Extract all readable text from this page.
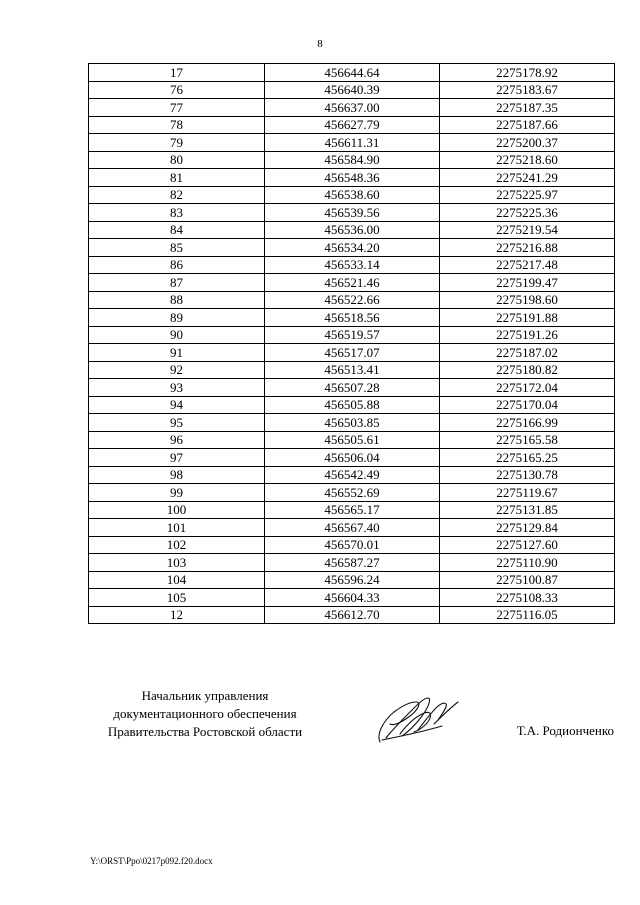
8
17	456644.64	2275178.92
76	456640.39	2275183.67
77	456637.00	2275187.35
78	456627.79	2275187.66
79	456611.31	2275200.37
80	456584.90	2275218.60
81	456548.36	2275241.29
82	456538.60	2275225.97
83	456539.56	2275225.36
84	456536.00	2275219.54
85	456534.20	2275216.88
86	456533.14	2275217.48
87	456521.46	2275199.47
88	456522.66	2275198.60
89	456518.56	2275191.88
90	456519.57	2275191.26
91	456517.07	2275187.02
92	456513.41	2275180.82
93	456507.28	2275172.04
94	456505.88	2275170.04
95	456503.85	2275166.99
96	456505.61	2275165.58
97	456506.04	2275165.25
98	456542.49	2275130.78
99	456552.69	2275119.67
100	456565.17	2275131.85
101	456567.40	2275129.84
102	456570.01	2275127.60
103	456587.27	2275110.90
104	456596.24	2275100.87
105	456604.33	2275108.33
12	456612.70	2275116.05
Начальник управления
документационного обеспечения
Правительства Ростовской области	Т.А. Родионченко
Y:\ORST\Ppo\0217p092.f20.docx
